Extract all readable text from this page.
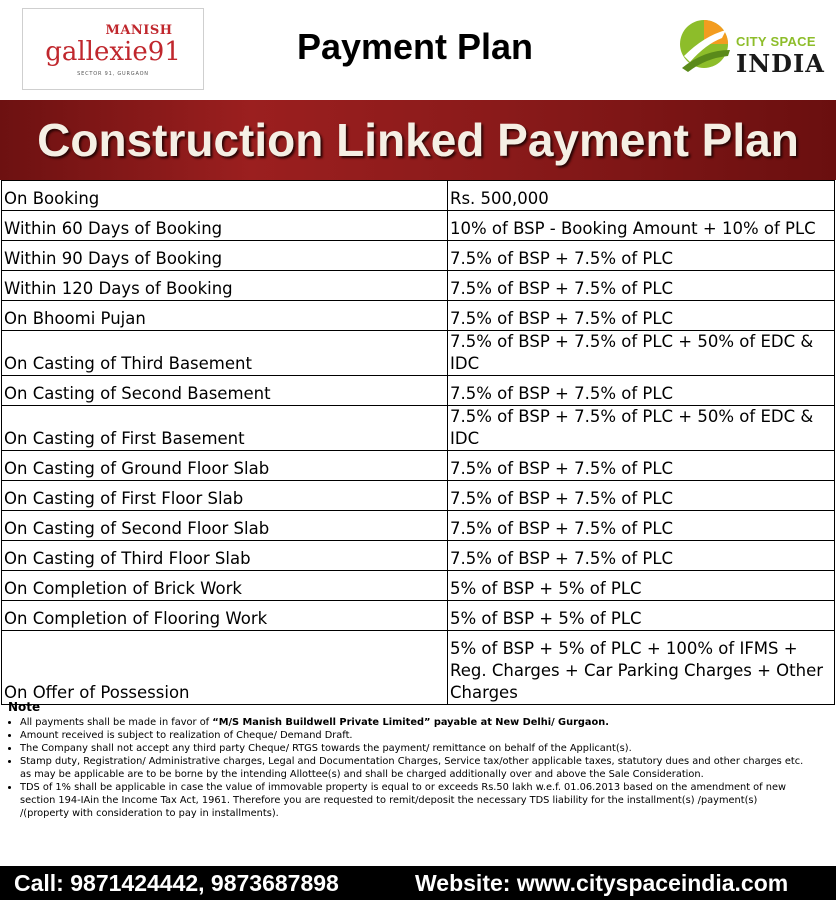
MANISH
gallexie91
SECTOR 91, GURGAON
Payment Plan	CITY SPACE
INDIA
Construction Linked Payment Plan
On Booking	Rs. 500,000
Within 60 Days of Booking	10% of BSP - Booking Amount + 10% of PLC
Within 90 Days of Booking	7.5% of BSP + 7.5% of PLC
Within 120 Days of Booking	7.5% of BSP + 7.5% of PLC
On Bhoomi Pujan	7.5% of BSP + 7.5% of PLC
On Casting of Third Basement	7.5% of BSP + 7.5% of PLC + 50% of EDC & IDC
On Casting of Second Basement	7.5% of BSP + 7.5% of PLC
On Casting of First Basement	7.5% of BSP + 7.5% of PLC + 50% of EDC & IDC
On Casting of Ground Floor Slab	7.5% of BSP + 7.5% of PLC
On Casting of First Floor Slab	7.5% of BSP + 7.5% of PLC
On Casting of Second Floor Slab	7.5% of BSP + 7.5% of PLC
On Casting of Third Floor Slab	7.5% of BSP + 7.5% of PLC
On Completion of Brick Work	5% of BSP + 5% of PLC
On Completion of Flooring Work	5% of BSP + 5% of PLC
On Offer of Possession	5% of BSP + 5% of PLC + 100% of IFMS + Reg. Charges + Car Parking Charges + Other Charges
Note
• All payments shall be made in favor of “M/S Manish Buildwell Private Limited” payable at New Delhi/ Gurgaon.
• Amount received is subject to realization of Cheque/ Demand Draft.
• The Company shall not accept any third party Cheque/ RTGS towards the payment/ remittance on behalf of the Applicant(s).
• Stamp duty, Registration/ Administrative charges, Legal and Documentation Charges, Service tax/other applicable taxes, statutory dues and other charges etc. as may be applicable are to be borne by the intending Allottee(s) and shall be charged additionally over and above the Sale Consideration.
• TDS of 1% shall be applicable in case the value of immovable property is equal to or exceeds Rs.50 lakh w.e.f. 01.06.2013 based on the amendment of new section 194-IAin the Income Tax Act, 1961. Therefore you are requested to remit/deposit the necessary TDS liability for the installment(s) /payment(s) /(property with consideration to pay in installments).
Call: 9871424442, 9873687898	Website: www.cityspaceindia.com
